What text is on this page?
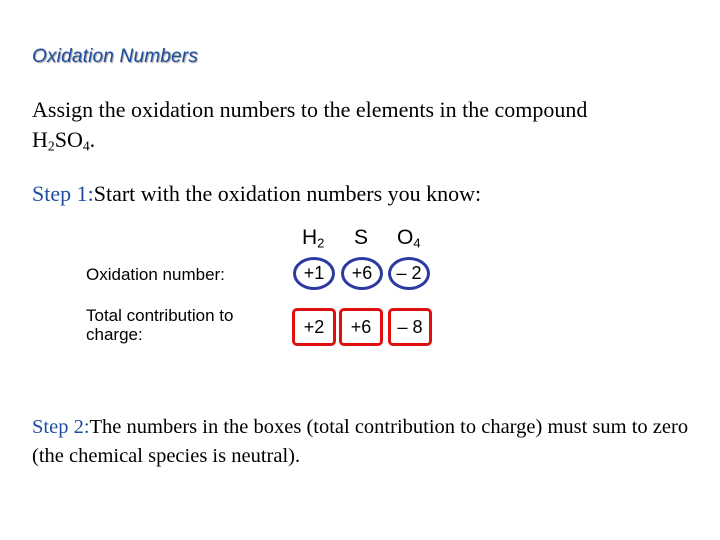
Oxidation Numbers
Assign the oxidation numbers to the elements in the compound
$H_2SO_4$.
Step 1:Start with the oxidation numbers you know:
$H_2$ S $O_4$
Oxidation number:	+1	+6	– 2
Total contribution to charge:	+2	+6	– 8
Step 2:The numbers in the boxes (total contribution to charge) must sum to zero (the chemical species is neutral).
